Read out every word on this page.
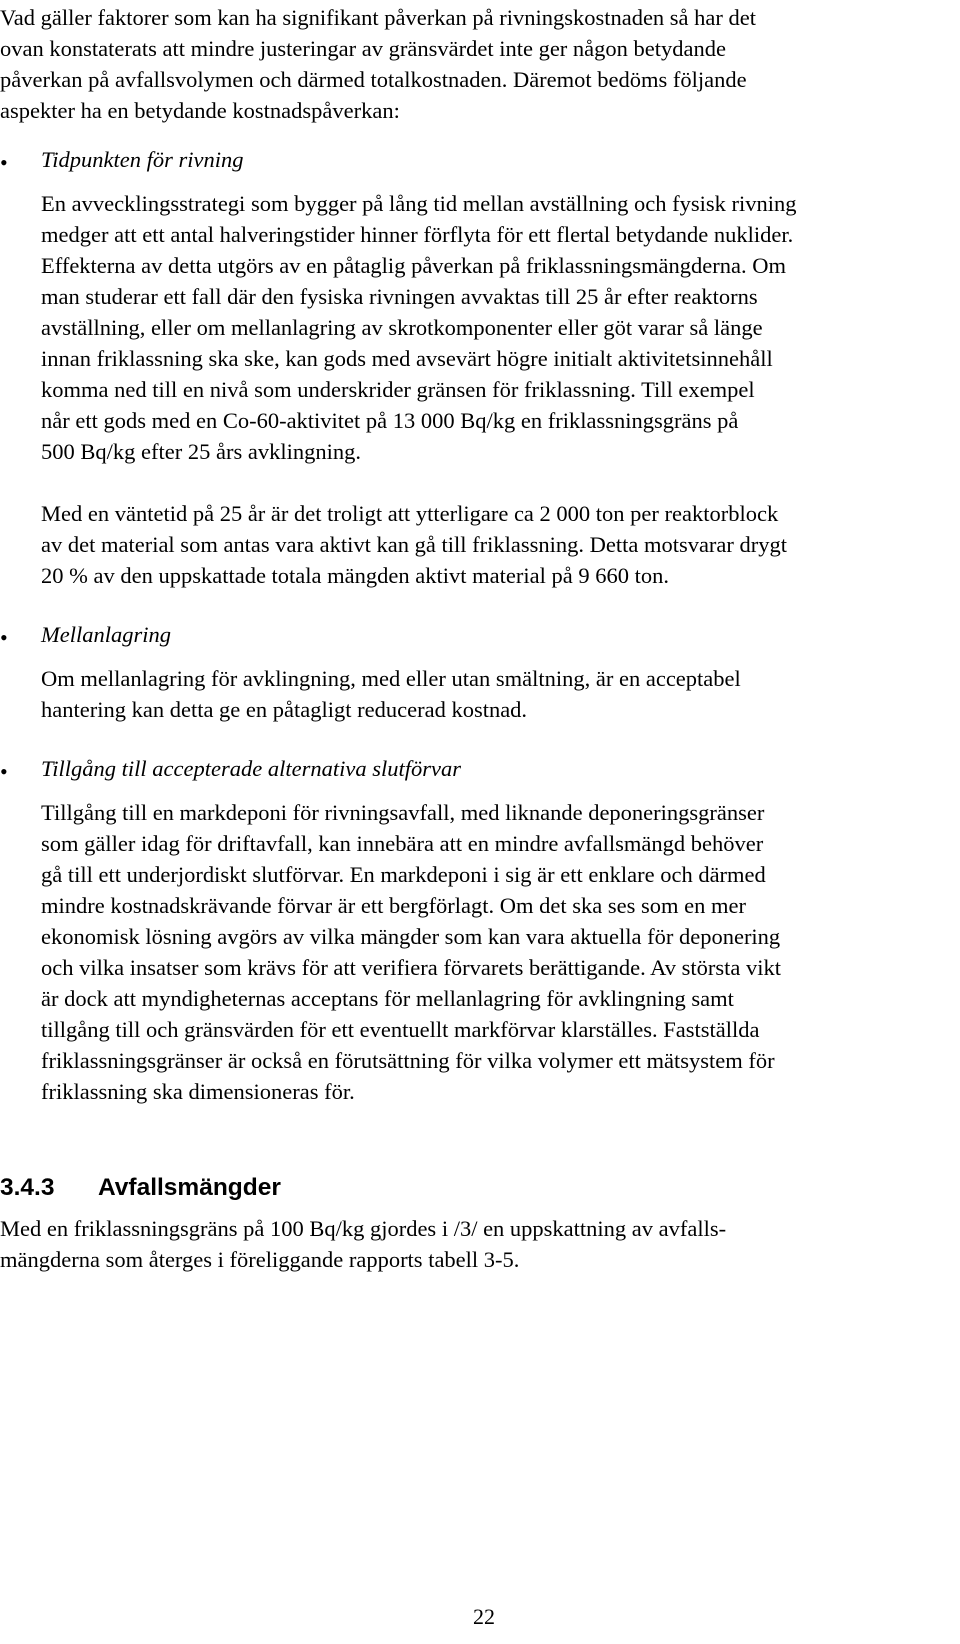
Vad gäller faktorer som kan ha signifikant påverkan på rivningskostnaden så har det
ovan konstaterats att mindre justeringar av gränsvärdet inte ger någon betydande
påverkan på avfallsvolymen och därmed totalkostnaden. Däremot bedöms följande
aspekter ha en betydande kostnadspåverkan:

• Tidpunkten för rivning

En avvecklingsstrategi som bygger på lång tid mellan avställning och fysisk rivning
medger att ett antal halveringstider hinner förflyta för ett flertal betydande nuklider.
Effekterna av detta utgörs av en påtaglig påverkan på friklassningsmängderna. Om
man studerar ett fall där den fysiska rivningen avvaktas till 25 år efter reaktorns
avställning, eller om mellanlagring av skrotkomponenter eller göt varar så länge
innan friklassning ska ske, kan gods med avsevärt högre initialt aktivitetsinnehåll
komma ned till en nivå som underskrider gränsen för friklassning. Till exempel
når ett gods med en Co-60-aktivitet på 13 000 Bq/kg en friklassningsgräns på
500 Bq/kg efter 25 års avklingning.

Med en väntetid på 25 år är det troligt att ytterligare ca 2 000 ton per reaktorblock
av det material som antas vara aktivt kan gå till friklassning. Detta motsvarar drygt
20 % av den uppskattade totala mängden aktivt material på 9 660 ton.

• Mellanlagring

Om mellanlagring för avklingning, med eller utan smältning, är en acceptabel
hantering kan detta ge en påtagligt reducerad kostnad.

• Tillgång till accepterade alternativa slutförvar

Tillgång till en markdeponi för rivningsavfall, med liknande deponeringsgränser
som gäller idag för driftavfall, kan innebära att en mindre avfallsmängd behöver
gå till ett underjordiskt slutförvar. En markdeponi i sig är ett enklare och därmed
mindre kostnadskrävande förvar är ett bergförlagt. Om det ska ses som en mer
ekonomisk lösning avgörs av vilka mängder som kan vara aktuella för deponering
och vilka insatser som krävs för att verifiera förvarets berättigande. Av största vikt
är dock att myndigheternas acceptans för mellanlagring för avklingning samt
tillgång till och gränsvärden för ett eventuellt markförvar klarställes. Fastställda
friklassningsgränser är också en förutsättning för vilka volymer ett mätsystem för
friklassning ska dimensioneras för.

3.4.3 Avfallsmängder

Med en friklassningsgräns på 100 Bq/kg gjordes i /3/ en uppskattning av avfalls-
mängderna som återges i föreliggande rapports tabell 3-5.

22
